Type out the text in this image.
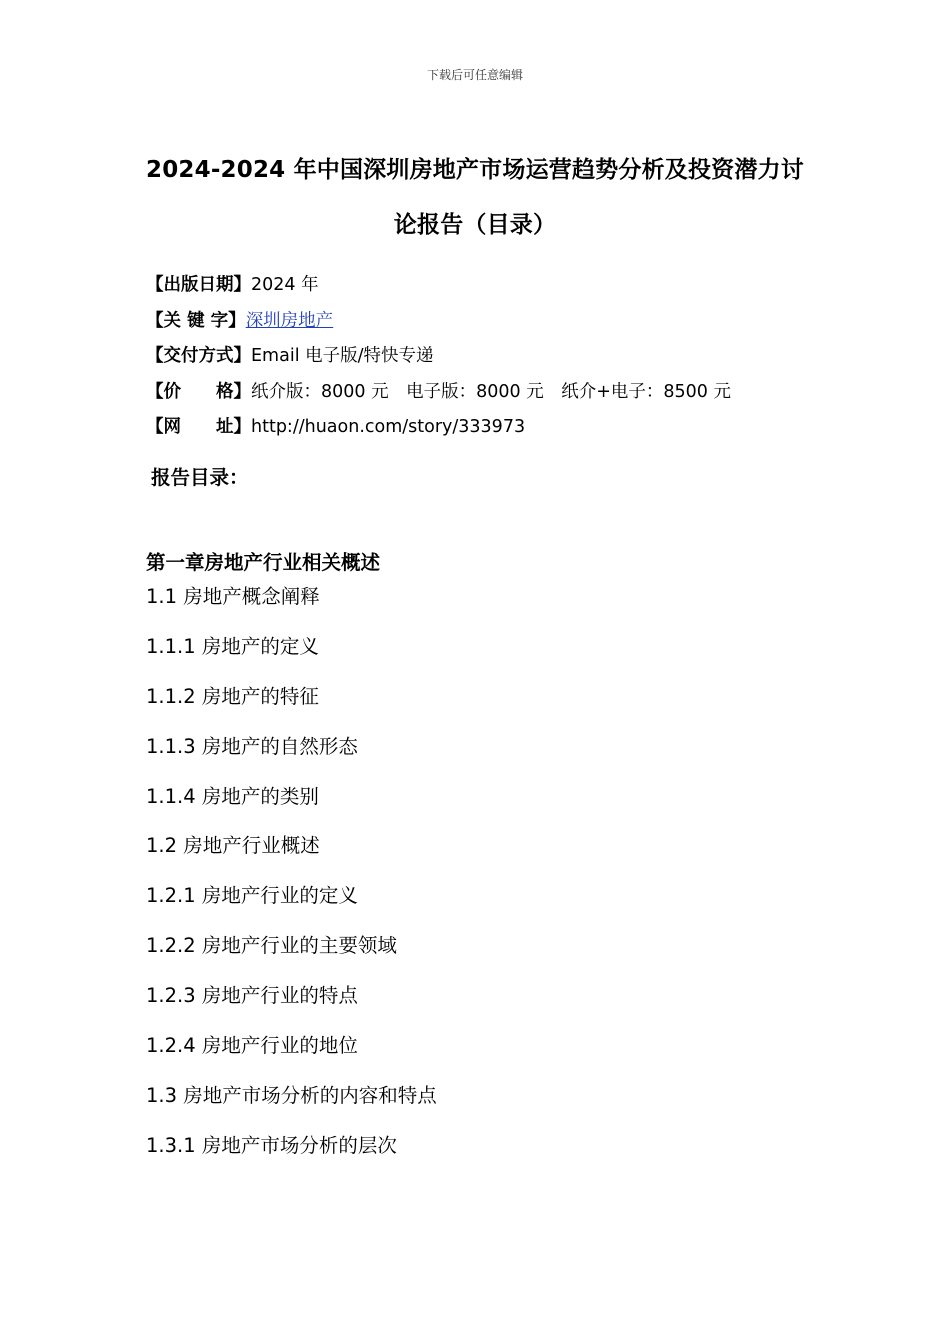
下载后可任意编辑
2024-2024 年中国深圳房地产市场运营趋势分析及投资潜力讨
论报告（目录）
【出版日期】2024 年
【关 键 字】深圳房地产
【交付方式】Email 电子版/特快专递
【价　　格】纸介版：8000 元　电子版：8000 元　纸介+电子：8500 元
【网　　址】http://huaon.com/story/333973
报告目录：
第一章房地产行业相关概述
1.1 房地产概念阐释
1.1.1 房地产的定义
1.1.2 房地产的特征
1.1.3 房地产的自然形态
1.1.4 房地产的类别
1.2 房地产行业概述
1.2.1 房地产行业的定义
1.2.2 房地产行业的主要领域
1.2.3 房地产行业的特点
1.2.4 房地产行业的地位
1.3 房地产市场分析的内容和特点
1.3.1 房地产市场分析的层次
